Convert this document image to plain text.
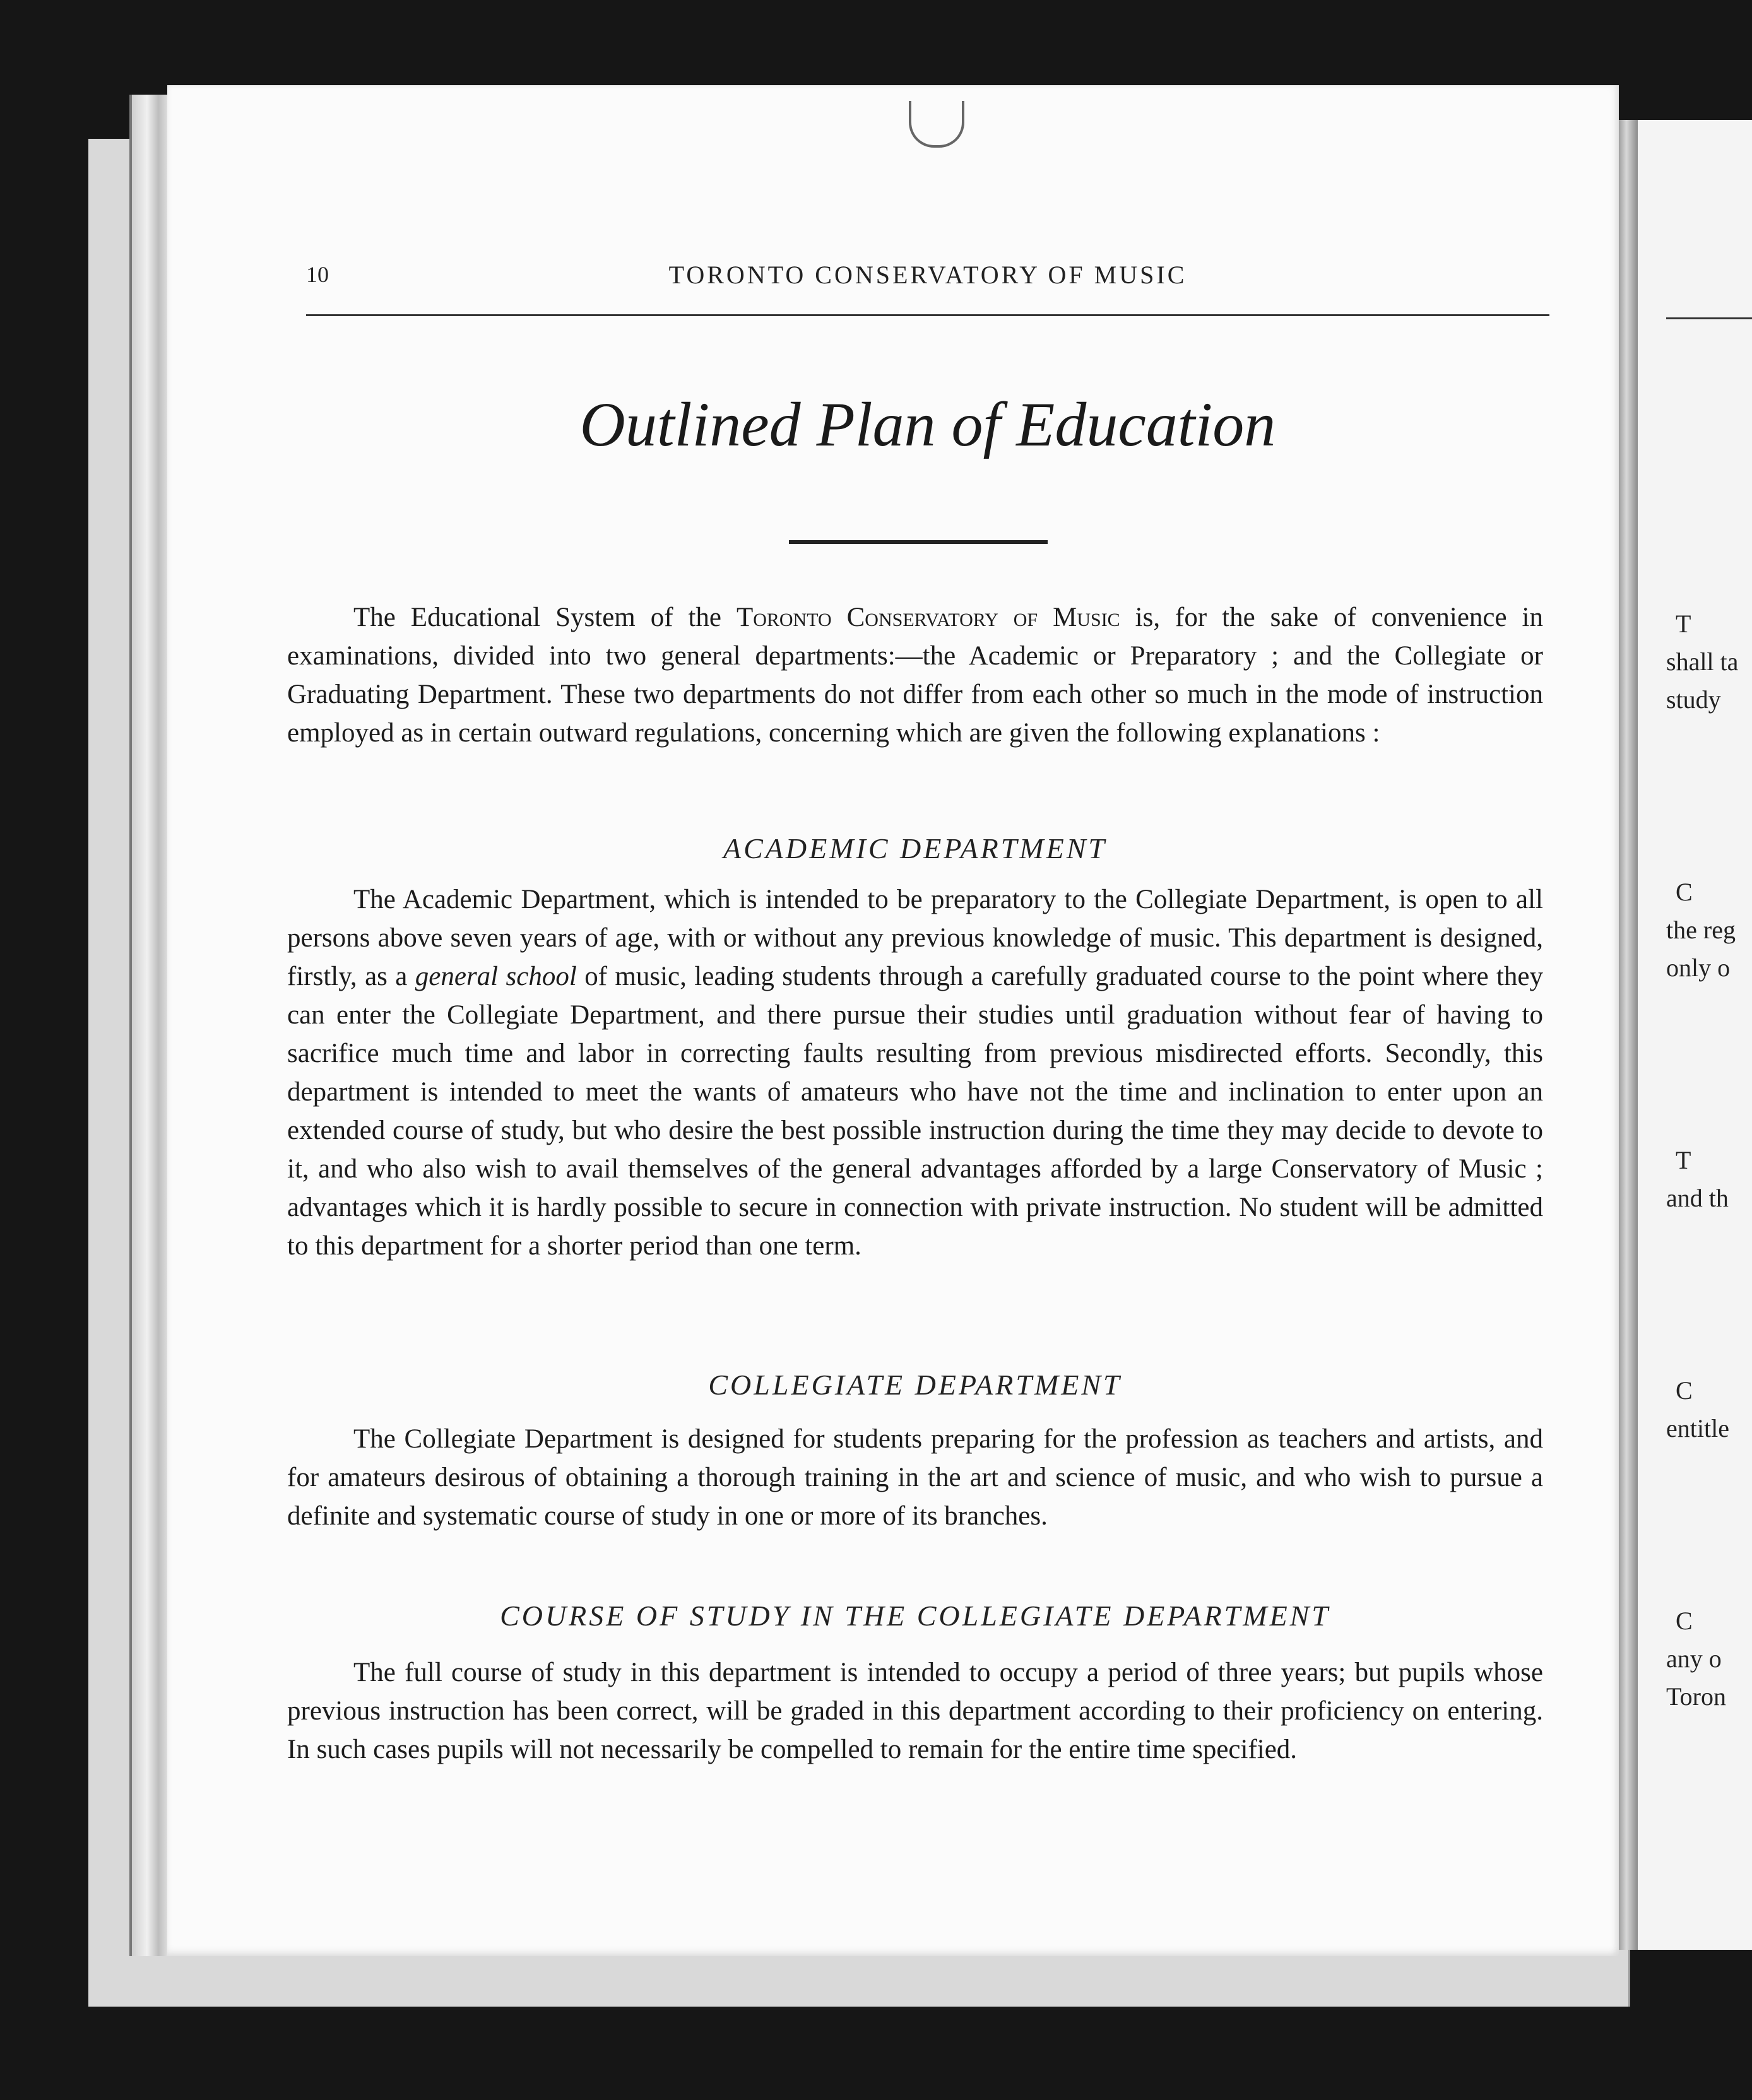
T
shall ta
study
C
the reg
only o
T
and th
C
entitle
C
any o
Toron
10	TORONTO CONSERVATORY OF MUSIC
Outlined Plan of Education

The Educational System of the Toronto Conservatory of Music is, for the sake of convenience in examinations, divided into two general departments:—the Academic or Preparatory ; and the Collegiate or Graduating Department. These two departments do not differ from each other so much in the mode of instruction employed as in certain outward regulations, concerning which are given the following explanations :

ACADEMIC DEPARTMENT

The Academic Department, which is intended to be preparatory to the Collegiate Department, is open to all persons above seven years of age, with or without any previous knowledge of music. This department is designed, firstly, as a general school of music, leading students through a carefully graduated course to the point where they can enter the Collegiate Department, and there pursue their studies until graduation without fear of having to sacrifice much time and labor in correcting faults resulting from previous misdirected efforts. Secondly, this department is intended to meet the wants of amateurs who have not the time and inclination to enter upon an extended course of study, but who desire the best possible instruction during the time they may decide to devote to it, and who also wish to avail themselves of the general advantages afforded by a large Conservatory of Music ; advantages which it is hardly possible to secure in connection with private instruction. No student will be admitted to this department for a shorter period than one term.

COLLEGIATE DEPARTMENT

The Collegiate Department is designed for students preparing for the profession as teachers and artists, and for amateurs desirous of obtaining a thorough training in the art and science of music, and who wish to pursue a definite and systematic course of study in one or more of its branches.

COURSE OF STUDY IN THE COLLEGIATE DEPARTMENT

The full course of study in this department is intended to occupy a period of three years; but pupils whose previous instruction has been correct, will be graded in this department according to their proficiency on entering. In such cases pupils will not necessarily be compelled to remain for the entire time specified.
